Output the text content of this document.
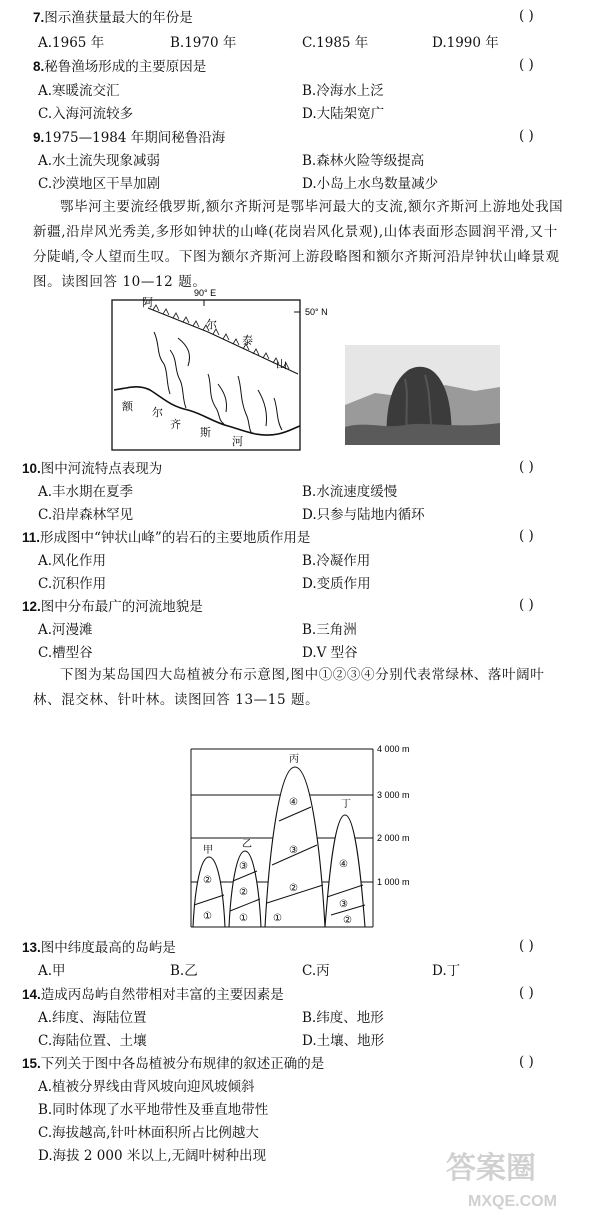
7.图示渔获量最大的年份是	( )
A.1965 年	B.1970 年	C.1985 年	D.1990 年
8.秘鲁渔场形成的主要原因是	( )
A.寒暖流交汇	B.冷海水上泛
C.入海河流较多	D.大陆架宽广
9.1975—1984 年期间秘鲁沿海	( )
A.水土流失现象减弱	B.森林火险等级提高
C.沙漠地区干旱加剧	D.小岛上水鸟数量减少
鄂毕河主要流经俄罗斯,额尔齐斯河是鄂毕河最大的支流,额尔齐斯河上游地处我国新疆,沿岸风光秀美,多形如钟状的山峰(花岗岩风化景观),山体表面形态圆润平滑,又十分陡峭,令人望而生叹。下图为额尔齐斯河上游段略图和额尔齐斯河沿岸钟状山峰景观图。读图回答 10—12 题。
90° E
50° N
阿
尔
泰
山
额 尔
齐
斯
河
10.图中河流特点表现为	( )
A.丰水期在夏季	B.水流速度缓慢
C.沿岸森林罕见	D.只参与陆地内循环
11.形成图中“钟状山峰”的岩石的主要地质作用是	( )
A.风化作用	B.冷凝作用
C.沉积作用	D.变质作用
12.图中分布最广的河流地貌是	( )
A.河漫滩	B.三角洲
C.槽型谷	D.V 型谷
下图为某岛国四大岛植被分布示意图,图中①②③④分别代表常绿林、落叶阔叶林、混交林、针叶林。读图回答 13—15 题。
4 000 m
3 000 m
2 000 m
1 000 m
甲
②
①
乙
③
②
①
丙
④
③
②
①
丁
④
③
②
13.图中纬度最高的岛屿是	( )
A.甲	B.乙	C.丙	D.丁
14.造成丙岛屿自然带相对丰富的主要因素是	( )
A.纬度、海陆位置	B.纬度、地形
C.海陆位置、土壤	D.土壤、地形
15.下列关于图中各岛植被分布规律的叙述正确的是	( )
A.植被分界线由背风坡向迎风坡倾斜
B.同时体现了水平地带性及垂直地带性
C.海拔越高,针叶林面积所占比例越大
D.海拔 2 000 米以上,无阔叶树种出现	答案圈
MXQE.COM
